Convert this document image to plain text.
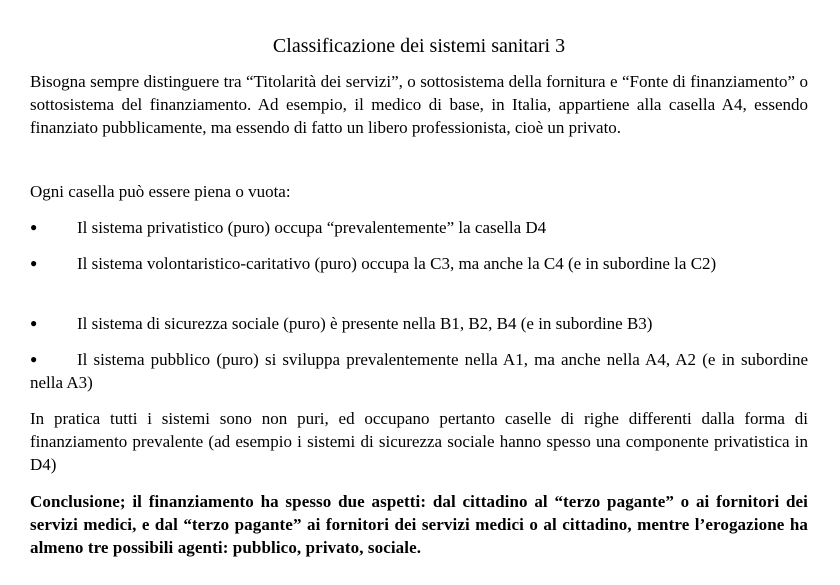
Classificazione dei sistemi sanitari 3

Bisogna sempre distinguere tra “Titolarità dei servizi”, o sottosistema della fornitura e “Fonte di finanziamento” o sottosistema del finanziamento. Ad esempio, il medico di base, in Italia, appartiene alla casella A4, essendo finanziato pubblicamente, ma essendo di fatto un libero professionista, cioè un privato.

Ogni casella può essere piena o vuota:

● Il sistema privatistico (puro) occupa “prevalentemente” la casella D4

● Il sistema volontaristico-caritativo (puro) occupa la C3, ma anche la C4 (e in subordine la C2)

● Il sistema di sicurezza sociale (puro) è presente nella B1, B2, B4 (e in subordine B3)

● Il sistema pubblico (puro) si sviluppa prevalentemente nella A1, ma anche nella A4, A2 (e in subordine nella A3)

In pratica tutti i sistemi sono non puri, ed occupano pertanto caselle di righe differenti dalla forma di finanziamento prevalente (ad esempio i sistemi di sicurezza sociale hanno spesso una componente privatistica in D4)

Conclusione; il finanziamento ha spesso due aspetti: dal cittadino al “terzo pagante” o ai fornitori dei servizi medici, e dal “terzo pagante” ai fornitori dei servizi medici o al cittadino, mentre l’erogazione ha almeno tre possibili agenti: pubblico, privato, sociale.
